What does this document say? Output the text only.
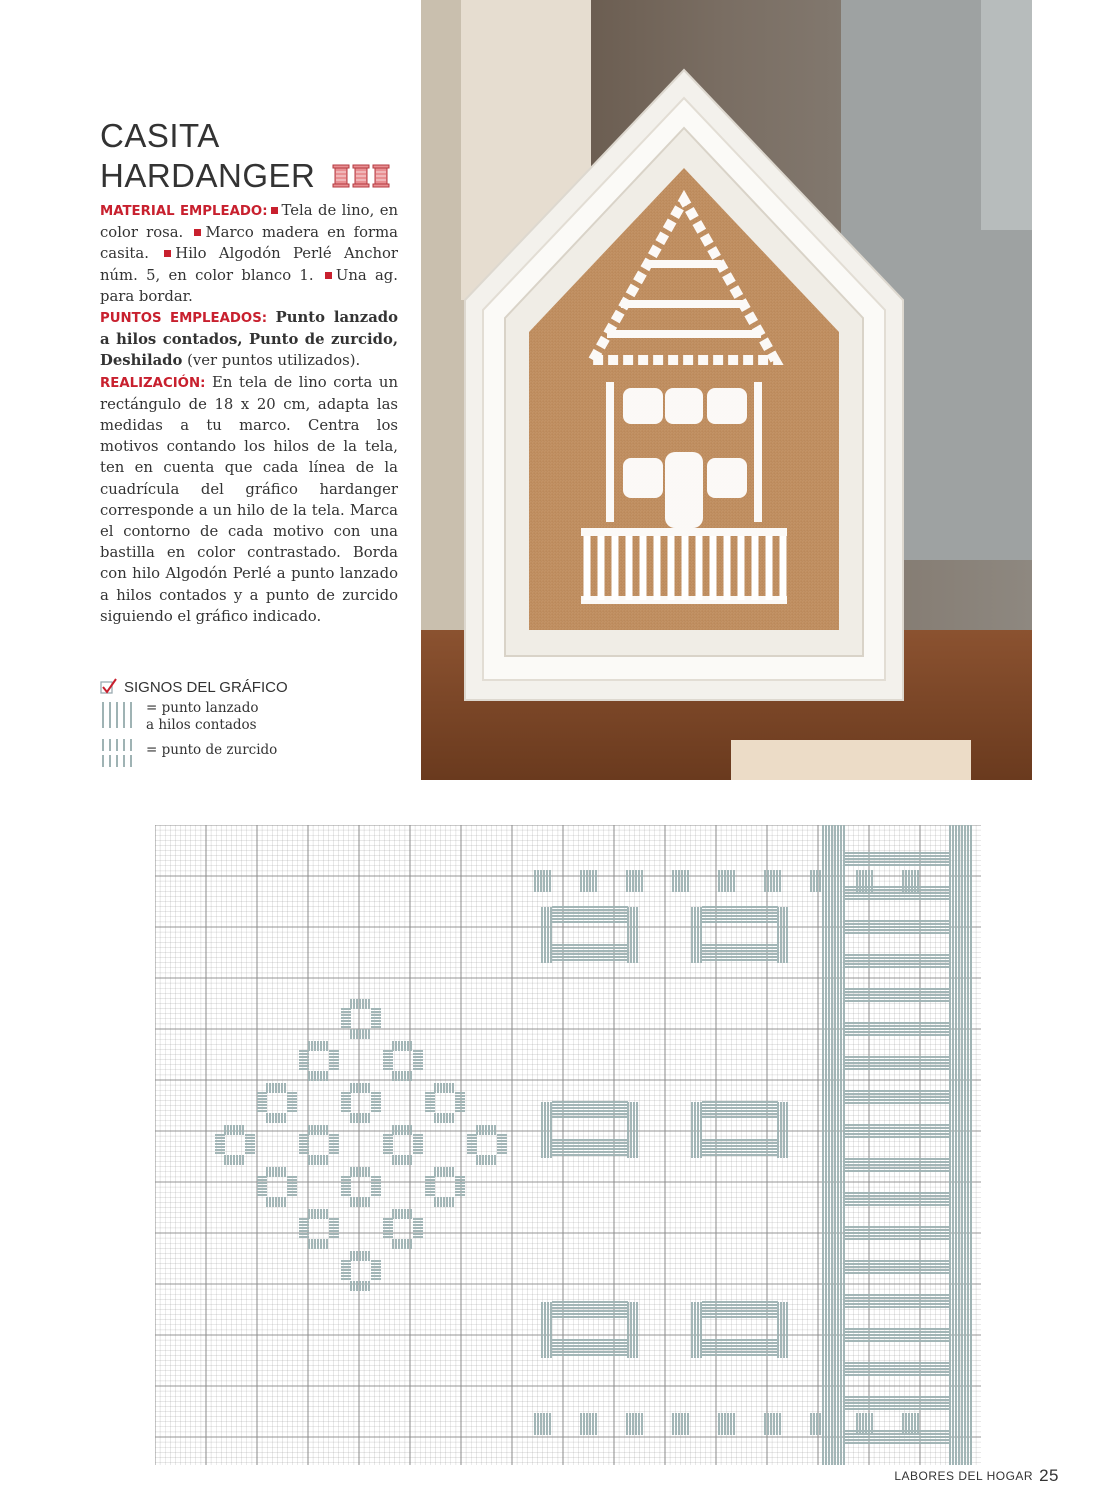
CASITA
HARDANGER

MATERIAL EMPLEADO: Tela de lino, en color rosa. Marco madera en forma casita. Hilo Algodón Perlé Anchor núm. 5, en color blanco 1. Una ag. para bordar.

PUNTOS EMPLEADOS: Punto lanzado a hilos contados, Punto de zurcido, Deshilado (ver puntos utilizados).

REALIZACIÓN: En tela de lino corta un rectángulo de 18 x 20 cm, adapta las medidas a tu marco. Centra los motivos contando los hilos de la tela, ten en cuenta que cada línea de la cuadrícula del gráfico hardanger corresponde a un hilo de la tela. Marca el contorno de cada motivo con una bastilla en color contrastado. Borda con hilo Algodón Perlé a punto lanzado a hilos contados y a punto de zurcido siguiendo el gráfico indicado.

SIGNOS DEL GRÁFICO
= punto lanzado
a hilos contados
= punto de zurcido
LABORES DEL HOGAR 25
